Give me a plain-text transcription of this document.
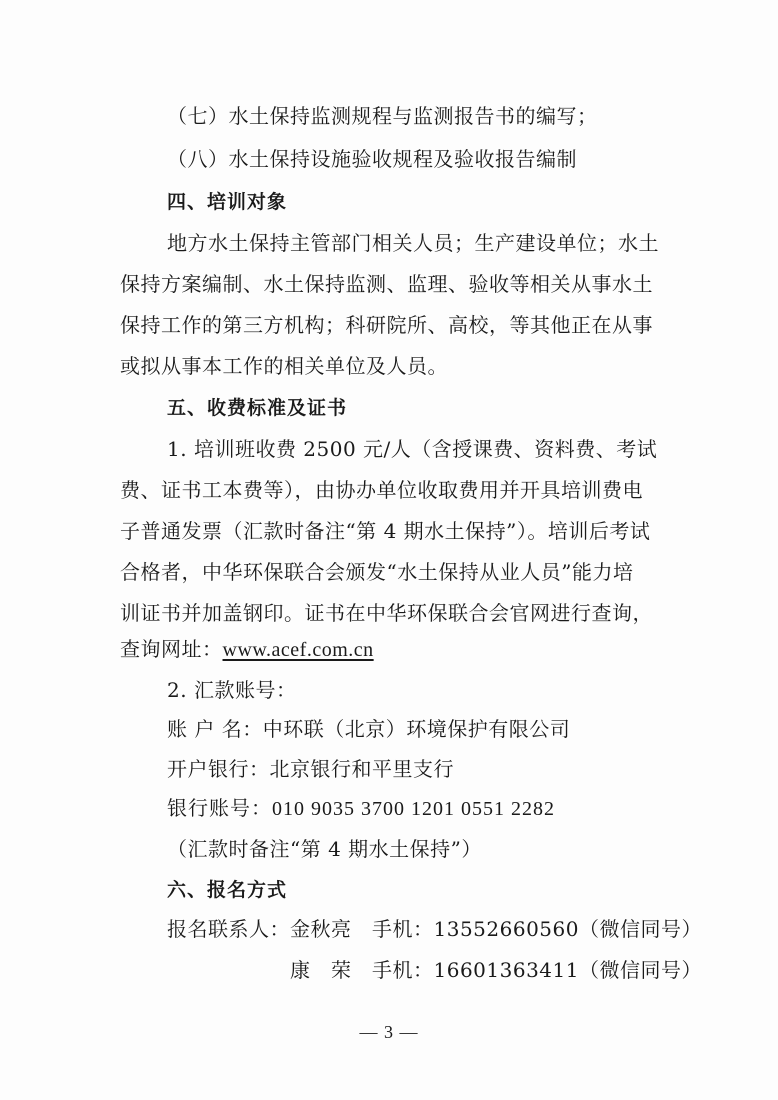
（七）水土保持监测规程与监测报告书的编写；
（八）水土保持设施验收规程及验收报告编制
四、培训对象
地方水土保持主管部门相关人员；生产建设单位；水土
保持方案编制、水土保持监测、监理、验收等相关从事水土
保持工作的第三方机构；科研院所、高校，等其他正在从事
或拟从事本工作的相关单位及人员。
五、收费标准及证书
1. 培训班收费 2500 元/人（含授课费、资料费、考试
费、证书工本费等），由协办单位收取费用并开具培训费电
子普通发票（汇款时备注“第 4 期水土保持”）。培训后考试
合格者，中华环保联合会颁发“水土保持从业人员”能力培
训证书并加盖钢印。证书在中华环保联合会官网进行查询，
查询网址：www.acef.com.cn
2. 汇款账号：
账 户 名：中环联（北京）环境保护有限公司
开户银行：北京银行和平里支行
银行账号：010 9035 3700 1201 0551 2282
（汇款时备注“第 4 期水土保持”）
六、报名方式
报名联系人：金秋亮　手机：13552660560（微信同号）
康　荣　手机：16601363411（微信同号）
— 3 —
